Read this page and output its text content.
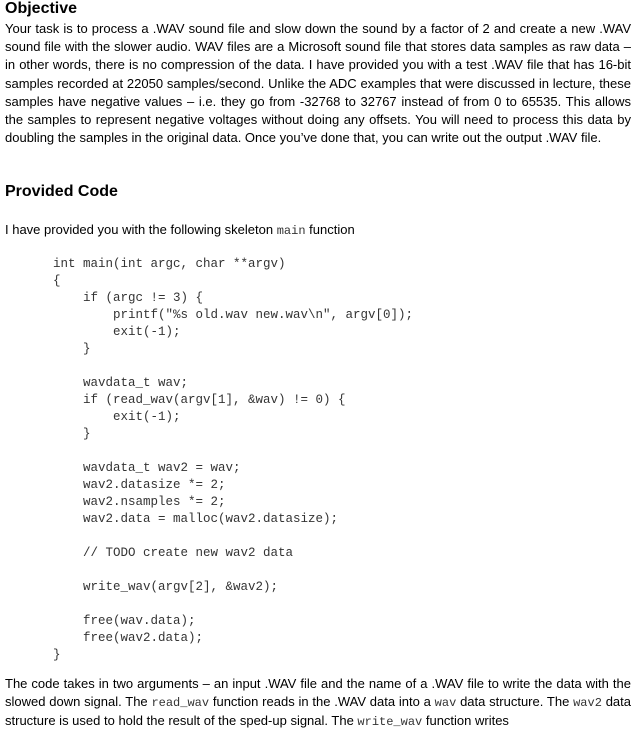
Objective
Your task is to process a .WAV sound file and slow down the sound by a factor of 2 and create a new .WAV sound file with the slower audio. WAV files are a Microsoft sound file that stores data samples as raw data – in other words, there is no compression of the data. I have provided you with a test .WAV file that has 16-bit samples recorded at 22050 samples/second. Unlike the ADC examples that were discussed in lecture, these samples have negative values – i.e. they go from -32768 to 32767 instead of from 0 to 65535. This allows the samples to represent negative voltages without doing any offsets. You will need to process this data by doubling the samples in the original data. Once you’ve done that, you can write out the output .WAV file.
Provided Code
I have provided you with the following skeleton main function
int main(int argc, char **argv)
{
if (argc != 3) {
printf("%s old.wav new.wav\n", argv[0]);
exit(-1);
}
wavdata_t wav;
if (read_wav(argv[1], &wav) != 0) {
exit(-1);
}
wavdata_t wav2 = wav;
wav2.datasize *= 2;
wav2.nsamples *= 2;
wav2.data = malloc(wav2.datasize);
// TODO create new wav2 data
write_wav(argv[2], &wav2);
free(wav.data);
free(wav2.data);
}
The code takes in two arguments – an input .WAV file and the name of a .WAV file to write the data with the slowed down signal. The read_wav function reads in the .WAV data into a wav data structure. The wav2 data structure is used to hold the result of the sped-up signal. The write_wav function writes
